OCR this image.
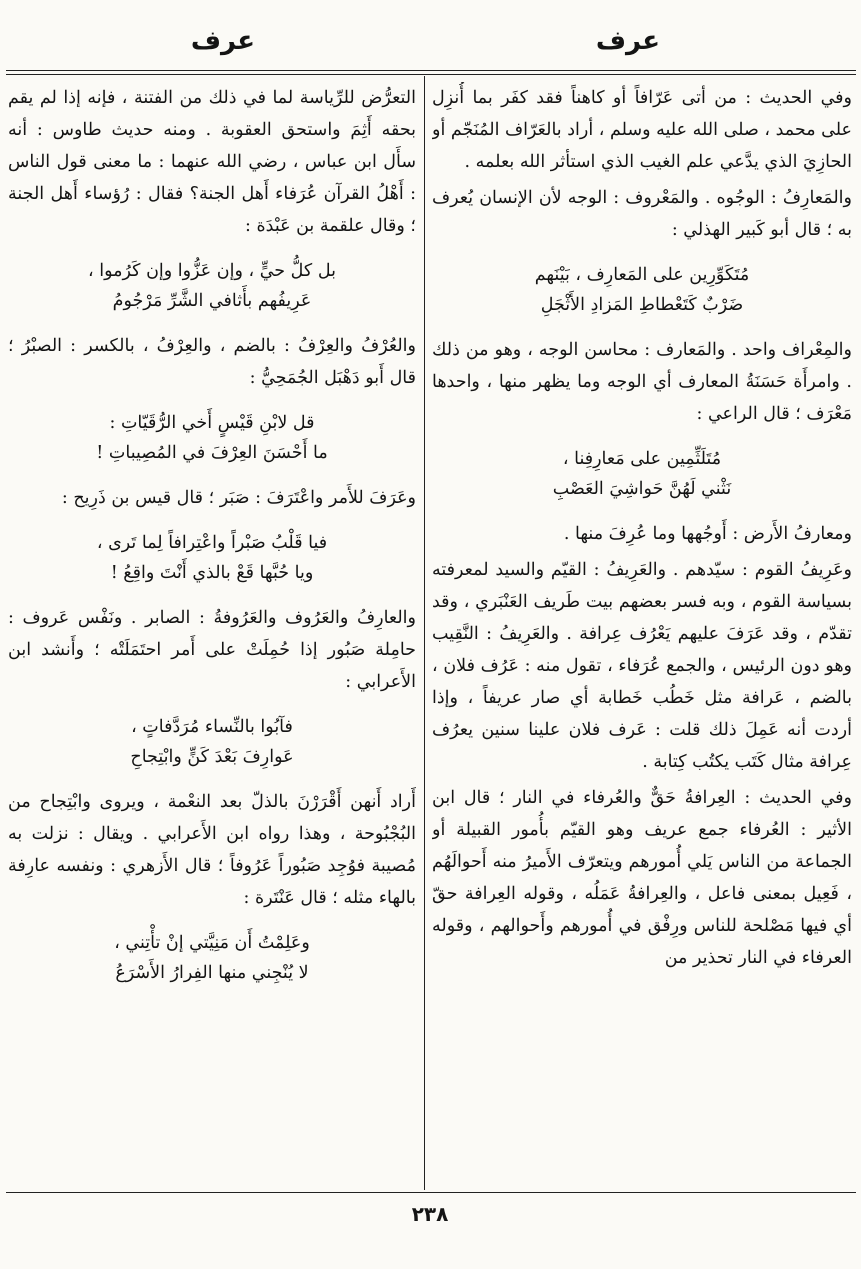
عرف
عرف

وفي الحديث : من أتى عَرّافاً أو كاهناً فقد كفَر بما أُنزِل على محمد ، صلى الله عليه وسلم ، أراد بالعَرّاف المُنَجّم أو الحازِيَ الذي يدَّعي علم الغيب الذي استأثر الله بعلمه .

والمَعارِفُ : الوجُوه . والمَعْروف : الوجه لأن الإنسان يُعرف به ؛ قال أبو كَبير الهذلي :

مُتَكَوِّرِين على المَعارِف ، بَيْنَهم
ضَرْبٌ كَتَعْطاطِ المَزادِ الأَثْجَلِ

والمِعْراف واحد . والمَعارف : محاسن الوجه ، وهو من ذلك . وامرأَة حَسَنَةُ المعارف أي الوجه وما يظهر منها ، واحدها مَعْرَف ؛ قال الراعي :

مُتَلَثِّمِين على مَعارِفِنا ،
نَثْني لَهُنَّ حَواشِيَ العَصْبِ

ومعارفُ الأَرض : أَوجُهها وما عُرِفَ منها .

وعَرِيفُ القوم : سيّدهم . والعَرِيفُ : القيّم والسيد لمعرفته بسياسة القوم ، وبه فسر بعضهم بيت طَريف العَنْبَري ، وقد تقدّم ، وقد عَرَفَ عليهم يَعْرُف عِرافة . والعَرِيفُ : النَّقِيب وهو دون الرئيس ، والجمع عُرَفاء ، تقول منه : عَرُف فلان ، بالضم ، عَرافة مثل خَطُب خَطابة أي صار عريفاً ، وإذا أردت أنه عَمِلَ ذلك قلت : عَرف فلان علينا سنين يعرُف عِرافة مثال كَتَب يكتُب كِتابة .

وفي الحديث : العِرافةُ حَقٌّ والعُرفاء في النار ؛ قال ابن الأثير : العُرفاء جمع عريف وهو القيّم بأُمور القبيلة أو الجماعة من الناس يَلي أُمورهم ويتعرّف الأَميرُ منه أَحوالَهُم ، فَعِيل بمعنى فاعل ، والعِرافةُ عَمَلُه ، وقوله العِرافة حقّ أي فيها مَصْلحة للناس ورِفْق في أُمورهم وأَحوالهم ، وقوله العرفاء في النار تحذير من

التعرُّض للرِّياسة لما في ذلك من الفتنة ، فإنه إذا لم يقم بحقه أَثِمَ واستحق العقوبة . ومنه حديث طاوس : أنه سأَل ابن عباس ، رضي الله عنهما : ما معنى قول الناس : أَهْلُ القرآن عُرَفاء أَهل الجنة؟ فقال : رُؤساء أَهل الجنة ؛ وقال علقمة بن عَبْدَة :

بل كلُّ حيٍّ ، وإن عَزُّوا وإن كَرُموا ،
عَرِيفُهم بأَثافي الشَّرِّ مَرْجُومُ

والعُرْفُ والعِرْفُ : بالضم ، والعِرْفُ ، بالكسر : الصبْرُ ؛ قال أَبو دَهْبَل الجُمَحِيُّ :

قل لابْنِ قَيْسٍ أَخي الرُّقَيّاتِ :
ما أَحْسَنَ العِرْفَ في المُصِيباتِ !

وعَرَفَ للأَمر واعْتَرَفَ : صَبَر ؛ قال قيس بن ذَرِيح :

فيا قَلْبُ صَبْراً واعْتِرافاً لِما تَرى ،
ويا حُبَّها قَعْ بالذي أَنْتَ واقِعُ !

والعارِفُ والعَرُوف والعَرُوفةُ : الصابر . ونَفْس عَروف : حامِلة صَبُور إذا حُمِلَتْ على أَمر احتَمَلَتْه ؛ وأَنشد ابن الأَعرابي :

فآبُوا بالنِّساء مُرَدَّفاتٍ ،
عَوارِفَ بَعْدَ كَنٍّ وابْتِجاحِ

أَراد أَنهن أَقْرَرْنَ بالذلّ بعد النعْمة ، ويروى وابْتِجاح من البُجْبُوحة ، وهذا رواه ابن الأَعرابي . ويقال : نزلت به مُصيبة فوُجِد صَبُوراً عَرُوفاً ؛ قال الأَزهري : ونفسه عارِفة بالهاء مثله ؛ قال عَنْتَرة :

وعَلِمْتُ أَن مَنِيَّتي إنْ تأْتِني ،
لا يُنْجِني منها الفِرارُ الأَسْرَعُ
٢٣٨
